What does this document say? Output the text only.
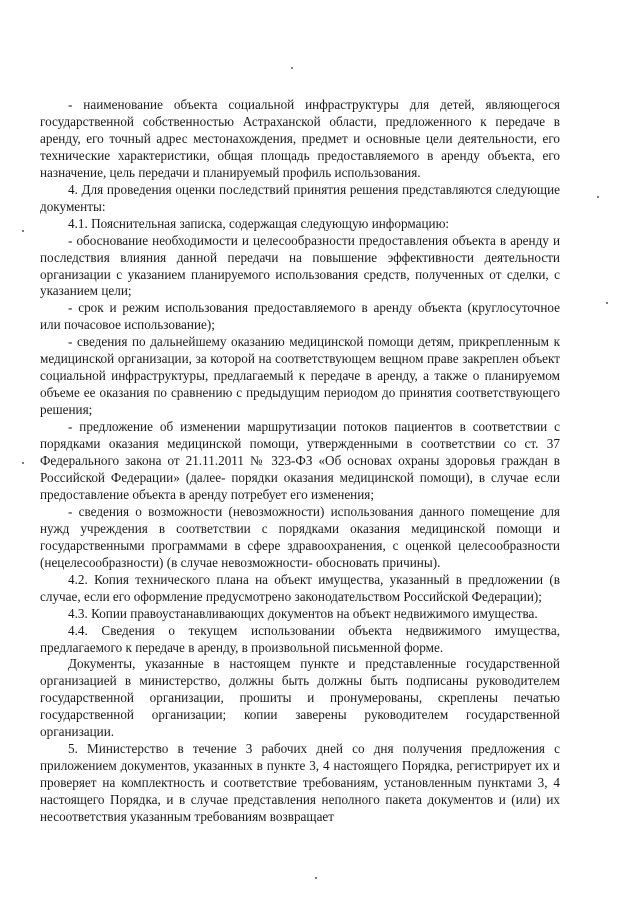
- наименование объекта социальной инфраструктуры для детей, являющегося государственной собственностью Астраханской области, предложенного к передаче в аренду, его точный адрес местонахождения, предмет и основные цели деятельности, его технические характеристики, общая площадь предоставляемого в аренду объекта, его назначение, цель передачи и планируемый профиль использования.

4. Для проведения оценки последствий принятия решения представляются следующие документы:

4.1. Пояснительная записка, содержащая следующую информацию:

- обоснование необходимости и целесообразности предоставления объекта в аренду и последствия влияния данной передачи на повышение эффективности деятельности организации с указанием планируемого использования средств, полученных от сделки, с указанием цели;

- срок и режим использования предоставляемого в аренду объекта (круглосуточное или почасовое использование);

- сведения по дальнейшему оказанию медицинской помощи детям, прикрепленным к медицинской организации, за которой на соответствующем вещном праве закреплен объект социальной инфраструктуры, предлагаемый к передаче в аренду, а также о планируемом объеме ее оказания по сравнению с предыдущим периодом до принятия соответствующего решения;

- предложение об изменении маршрутизации потоков пациентов в соответствии с порядками оказания медицинской помощи, утвержденными в соответствии со ст. 37 Федерального закона от 21.11.2011 № 323-ФЗ «Об основах охраны здоровья граждан в Российской Федерации» (далее- порядки оказания медицинской помощи), в случае если предоставление объекта в аренду потребует его изменения;

- сведения о возможности (невозможности) использования данного помещение для нужд учреждения в соответствии с порядками оказания медицинской помощи и государственными программами в сфере здравоохранения, с оценкой целесообразности (нецелесообразности) (в случае невозможности- обосновать причины).

4.2. Копия технического плана на объект имущества, указанный в предложении (в случае, если его оформление предусмотрено законодательством Российской Федерации);

4.3. Копии правоустанавливающих документов на объект недвижимого имущества.

4.4. Сведения о текущем использовании объекта недвижимого имущества, предлагаемого к передаче в аренду, в произвольной письменной форме.

Документы, указанные в настоящем пункте и представленные государственной организацией в министерство, должны быть должны быть подписаны руководителем государственной организации, прошиты и пронумерованы, скреплены печатью государственной организации; копии заверены руководителем государственной организации.

5. Министерство в течение 3 рабочих дней со дня получения предложения с приложением документов, указанных в пункте 3, 4 настоящего Порядка, регистрирует их и проверяет на комплектность и соответствие требованиям, установленным пунктами 3, 4 настоящего Порядка, и в случае представления неполного пакета документов и (или) их несоответствия указанным требованиям возвращает
